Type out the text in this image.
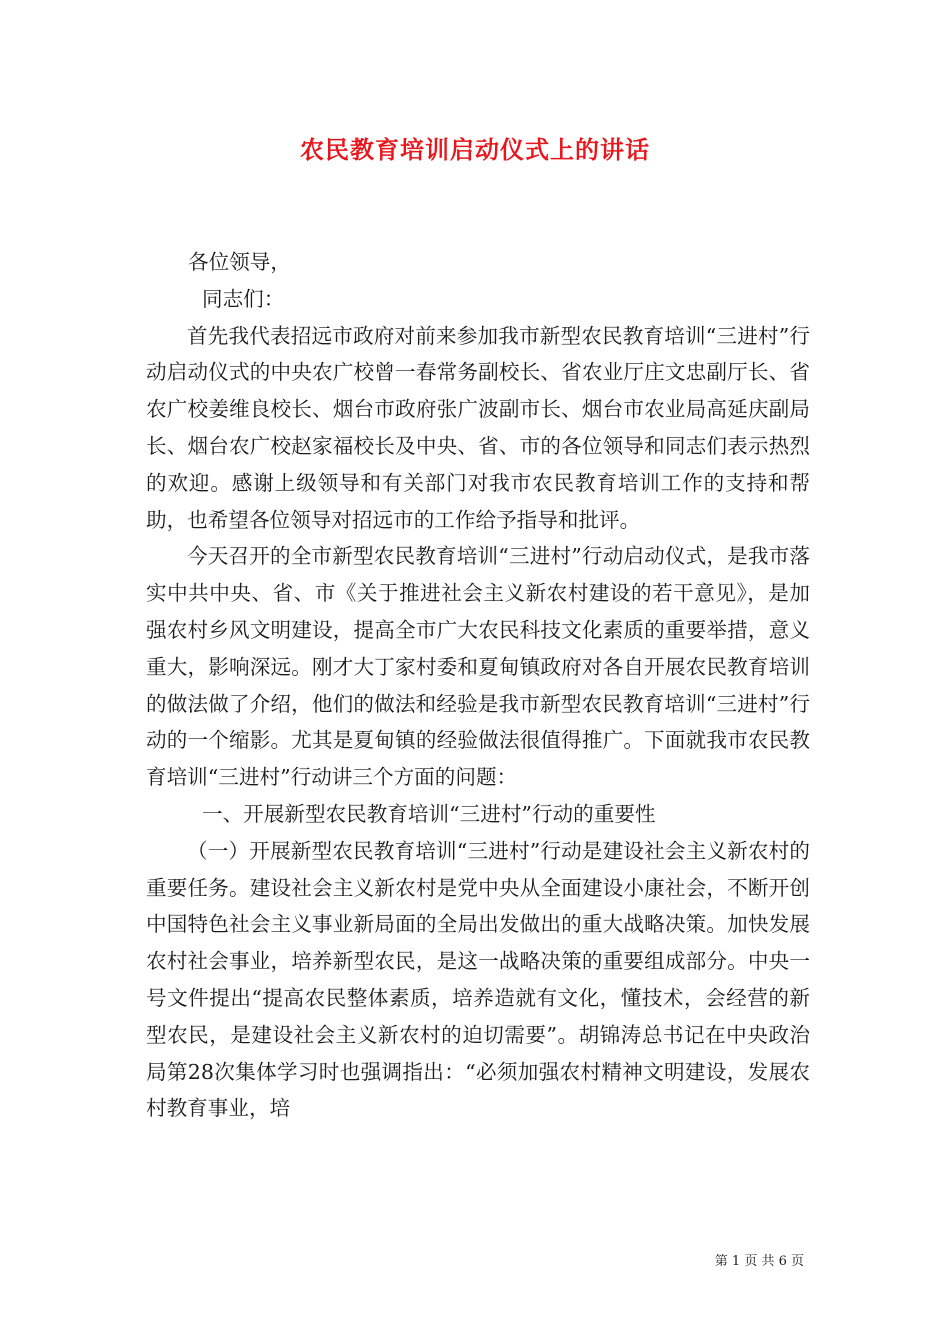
农民教育培训启动仪式上的讲话

各位领导，

同志们：

首先我代表招远市政府对前来参加我市新型农民教育培训“三进村”行动启动仪式的中央农广校曾一春常务副校长、省农业厅庄文忠副厅长、省农广校姜维良校长、烟台市政府张广波副市长、烟台市农业局高延庆副局长、烟台农广校赵家福校长及中央、省、市的各位领导和同志们表示热烈的欢迎。感谢上级领导和有关部门对我市农民教育培训工作的支持和帮助，也希望各位领导对招远市的工作给予指导和批评。

今天召开的全市新型农民教育培训“三进村”行动启动仪式，是我市落实中共中央、省、市《关于推进社会主义新农村建设的若干意见》，是加强农村乡风文明建设，提高全市广大农民科技文化素质的重要举措，意义重大，影响深远。刚才大丁家村委和夏甸镇政府对各自开展农民教育培训的做法做了介绍，他们的做法和经验是我市新型农民教育培训“三进村”行动的一个缩影。尤其是夏甸镇的经验做法很值得推广。下面就我市农民教育培训“三进村”行动讲三个方面的问题：

一、开展新型农民教育培训“三进村”行动的重要性

（一）开展新型农民教育培训“三进村”行动是建设社会主义新农村的重要任务。建设社会主义新农村是党中央从全面建设小康社会，不断开创中国特色社会主义事业新局面的全局出发做出的重大战略决策。加快发展农村社会事业，培养新型农民，是这一战略决策的重要组成部分。中央一号文件提出“提高农民整体素质，培养造就有文化，懂技术，会经营的新型农民，是建设社会主义新农村的迫切需要”。胡锦涛总书记在中央政治局第28次集体学习时也强调指出：“必须加强农村精神文明建设，发展农村教育事业，培

第 1 页 共 6 页
